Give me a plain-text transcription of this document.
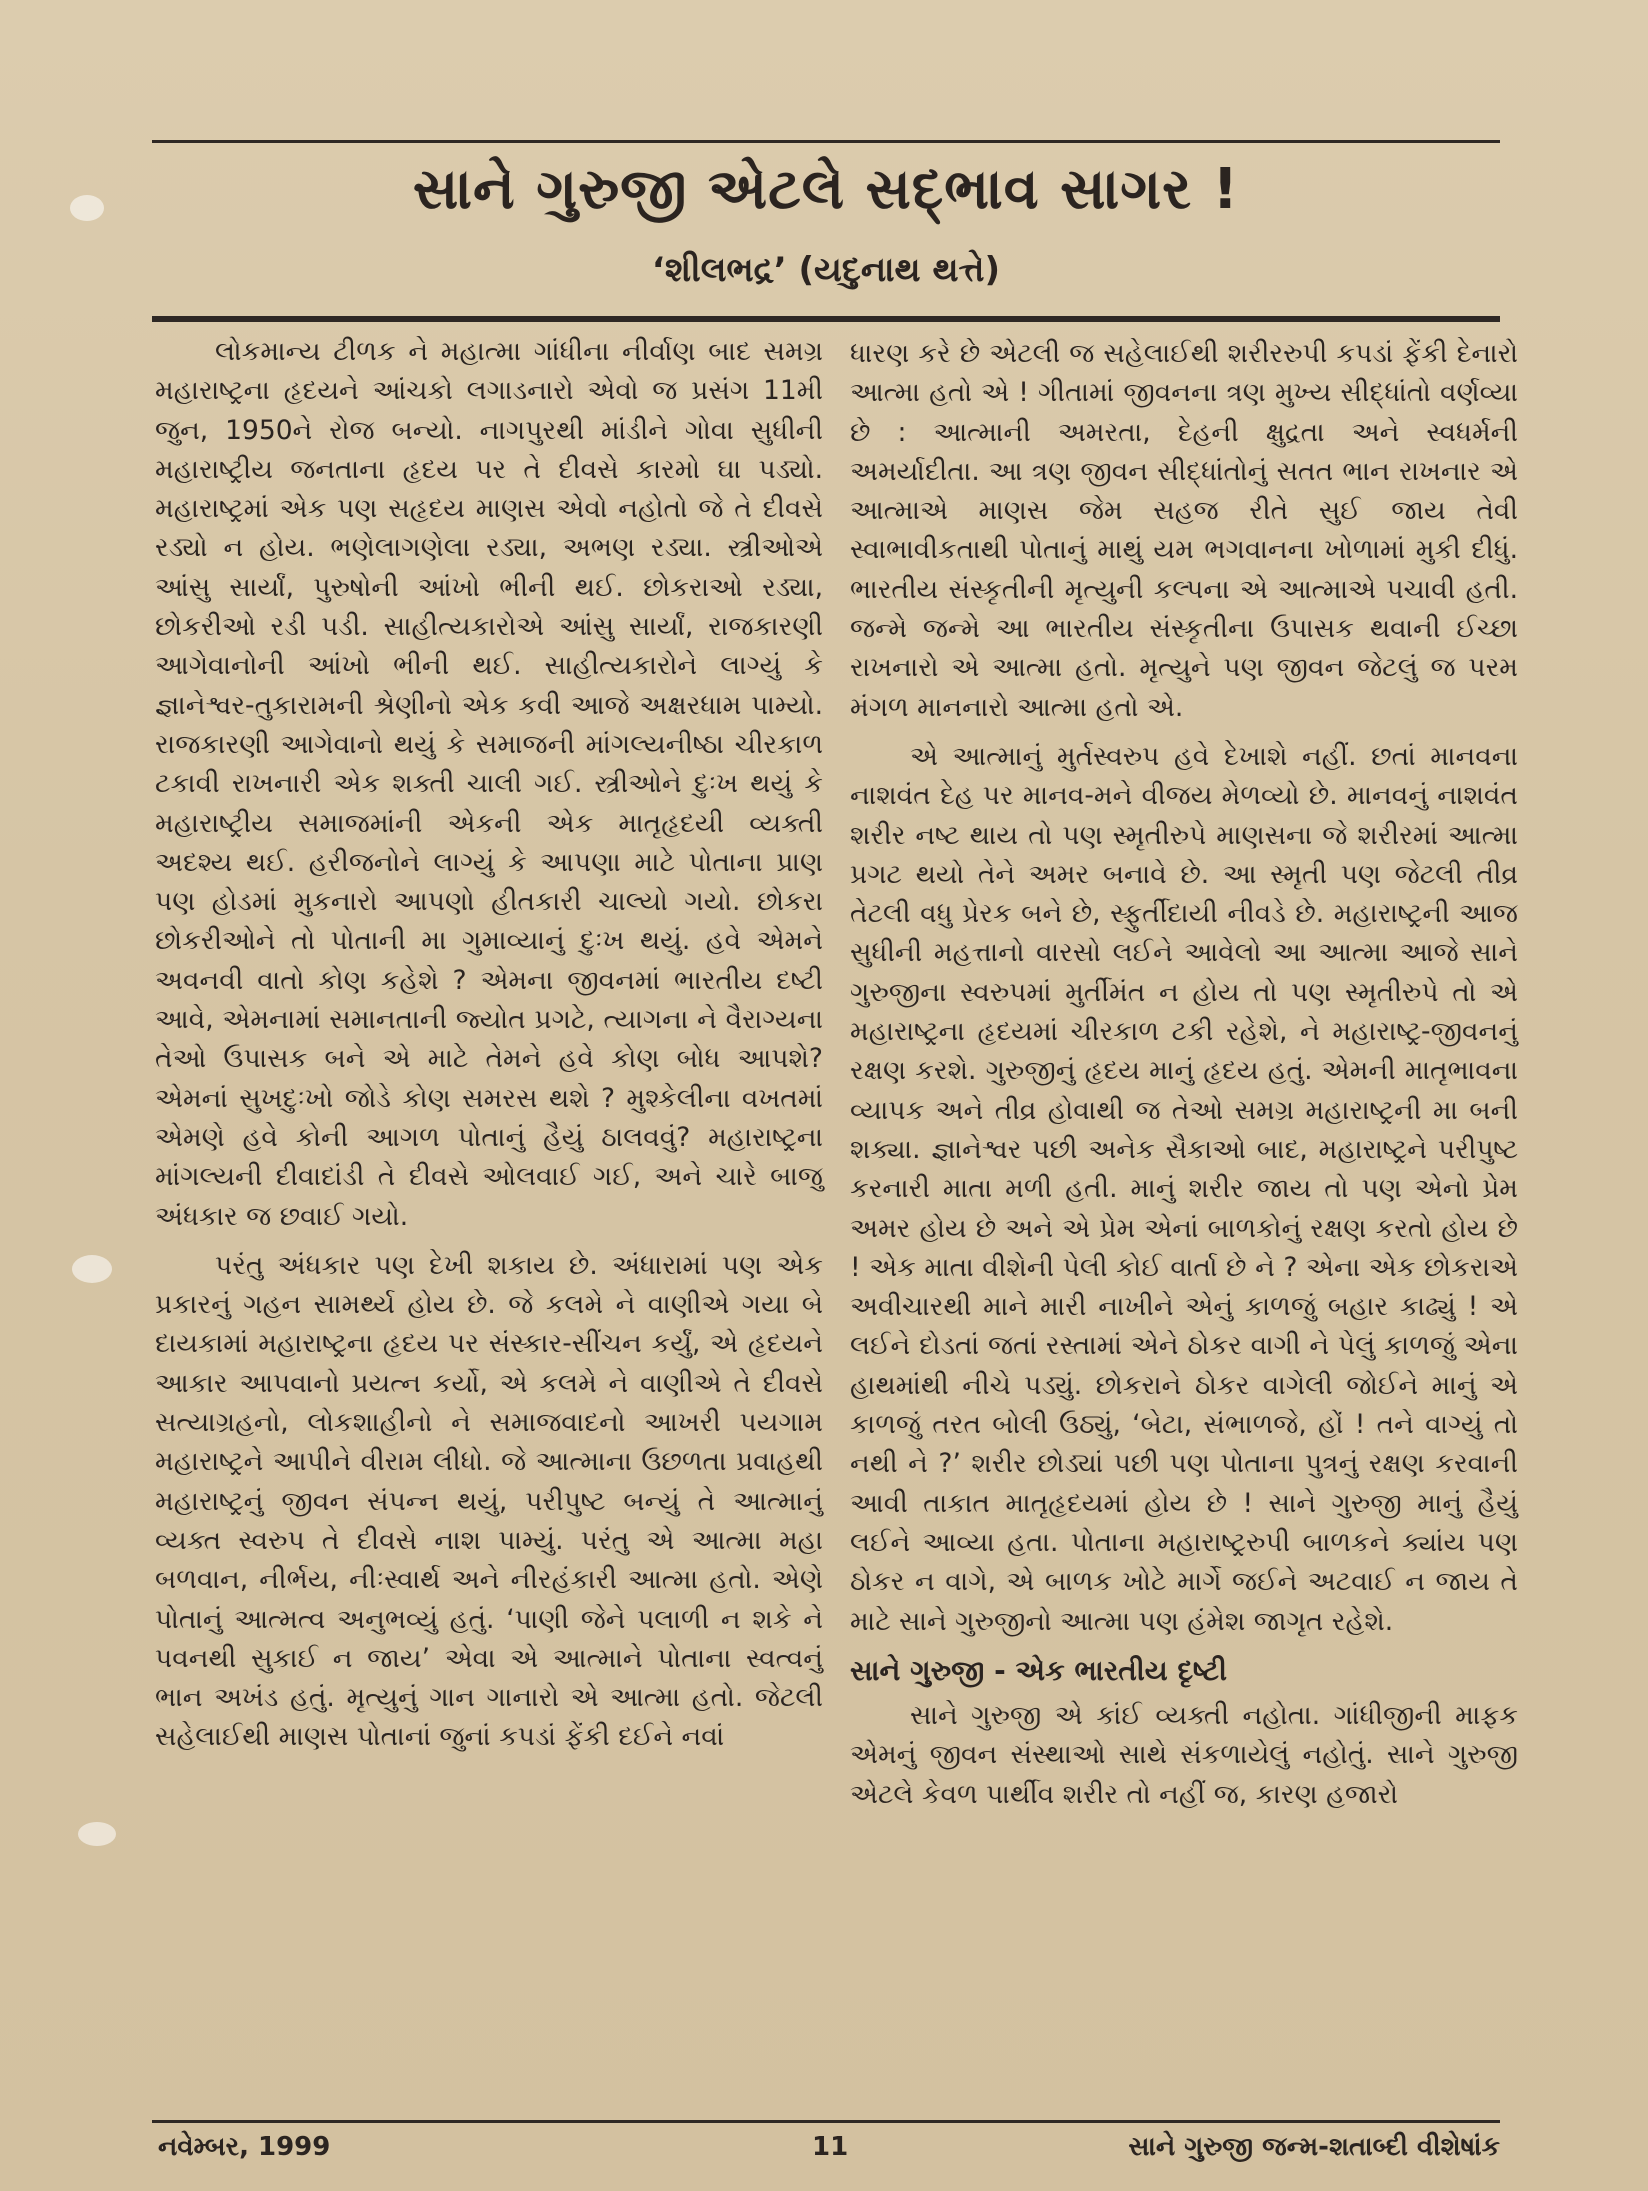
સાને ગુરુજી એટલે સદ્ભાવ સાગર !
‘શીલભદ્ર’ (યદુનાથ થત્તે)

લોકમાન્ય ટીળક ને મહાત્મા ગાંધીના નીર્વાણ બાદ સમગ્ર મહારાષ્ટ્રના હૃદયને આંચકો લગાડનારો એવો જ પ્રસંગ 11મી જુન, 1950ને રોજ બન્યો. નાગપુરથી માંડીને ગોવા સુધીની મહારાષ્ટ્રીય જનતાના હૃદય પર તે દીવસે કારમો ઘા પડ્યો. મહારાષ્ટ્રમાં એક પણ સહૃદય માણસ એવો નહોતો જે તે દીવસે રડ્યો ન હોય. ભણેલાગણેલા રડ્યા, અભણ રડ્યા. સ્ત્રીઓએ આંસુ સાર્યાં, પુરુષોની આંખો ભીની થઈ. છોકરાઓ રડ્યા, છોકરીઓ રડી પડી. સાહીત્યકારોએ આંસુ સાર્યાં, રાજકારણી આગેવાનોની આંખો ભીની થઈ. સાહીત્યકારોને લાગ્યું કે જ્ઞાનેશ્વર-તુકારામની શ્રેણીનો એક કવી આજે અક્ષરધામ પામ્યો. રાજકારણી આગેવાનો થયું કે સમાજની માંગલ્યનીષ્ઠા ચીરકાળ ટકાવી રાખનારી એક શક્તી ચાલી ગઈ. સ્ત્રીઓને દુઃખ થયું કે મહારાષ્ટ્રીય સમાજમાંની એકની એક માતૃહૃદયી વ્યક્તી અદશ્ય થઈ. હરીજનોને લાગ્યું કે આપણા માટે પોતાના પ્રાણ પણ હોડમાં મુકનારો આપણો હીતકારી ચાલ્યો ગયો. છોકરા છોકરીઓને તો પોતાની મા ગુમાવ્યાનું દુઃખ થયું. હવે એમને અવનવી વાતો કોણ કહેશે ? એમના જીવનમાં ભારતીય દષ્ટી આવે, એમનામાં સમાનતાની જ્યોત પ્રગટે, ત્યાગના ને વૈરાગ્યના તેઓ ઉપાસક બને એ માટે તેમને હવે કોણ બોધ આપશે? એમનાં સુખદુઃખો જોડે કોણ સમરસ થશે ? મુશ્કેલીના વખતમાં એમણે હવે કોની આગળ પોતાનું હૈયું ઠાલવવું? મહારાષ્ટ્રના માંગલ્યની દીવાદાંડી તે દીવસે ઓલવાઈ ગઈ, અને ચારે બાજુ અંધકાર જ છવાઈ ગયો.

પરંતુ અંધકાર પણ દેખી શકાય છે. અંધારામાં પણ એક પ્રકારનું ગહન સામર્થ્ય હોય છે. જે કલમે ને વાણીએ ગયા બે દાયકામાં મહારાષ્ટ્રના હૃદય પર સંસ્કાર-સીંચન કર્યું, એ હૃદયને આકાર આપવાનો પ્રયત્ન કર્યો, એ કલમે ને વાણીએ તે દીવસે સત્યાગ્રહનો, લોકશાહીનો ને સમાજવાદનો આખરી પયગામ મહારાષ્ટ્રને આપીને વીરામ લીધો. જે આત્માના ઉછળતા પ્રવાહથી મહારાષ્ટ્રનું જીવન સંપન્ન થયું, પરીપુષ્ટ બન્યું તે આત્માનું વ્યક્ત સ્વરુપ તે દીવસે નાશ પામ્યું. પરંતુ એ આત્મા મહા બળવાન, નીર્ભય, નીઃસ્વાર્થ અને નીરહંકારી આત્મા હતો. એણે પોતાનું આત્મત્વ અનુભવ્યું હતું. ‘પાણી જેને પલાળી ન શકે ને પવનથી સુકાઈ ન જાય’ એવા એ આત્માને પોતાના સ્વત્વનું ભાન અખંડ હતું. મૃત્યુનું ગાન ગાનારો એ આત્મા હતો. જેટલી સહેલાઈથી માણસ પોતાનાં જુનાં કપડાં ફેંકી દઈને નવાં

ધારણ કરે છે એટલી જ સહેલાઈથી શરીરરુપી કપડાં ફેંકી દેનારો આત્મા હતો એ ! ગીતામાં જીવનના ત્રણ મુખ્ય સીદ્ધાંતો વર્ણવ્યા છે : આત્માની અમરતા, દેહની ક્ષુદ્રતા અને સ્વધર્મની અમર્યાદીતા. આ ત્રણ જીવન સીદ્ધાંતોનું સતત ભાન રાખનાર એ આત્માએ માણસ જેમ સહજ રીતે સુઈ જાય તેવી સ્વાભાવીકતાથી પોતાનું માથું યમ ભગવાનના ખોળામાં મુકી દીધું. ભારતીય સંસ્કૃતીની મૃત્યુની કલ્પના એ આત્માએ પચાવી હતી. જન્મે જન્મે આ ભારતીય સંસ્કૃતીના ઉપાસક થવાની ઈચ્છા રાખનારો એ આત્મા હતો. મૃત્યુને પણ જીવન જેટલું જ પરમ મંગળ માનનારો આત્મા હતો એ.

એ આત્માનું મુર્તસ્વરુપ હવે દેખાશે નહીં. છતાં માનવના નાશવંત દેહ પર માનવ-મને વીજય મેળવ્યો છે. માનવનું નાશવંત શરીર નષ્ટ થાય તો પણ સ્મૃતીરુપે માણસના જે શરીરમાં આત્મા પ્રગટ થયો તેને અમર બનાવે છે. આ સ્મૃતી પણ જેટલી તીવ્ર તેટલી વધુ પ્રેરક બને છે, સ્ફુર્તીદાયી નીવડે છે. મહારાષ્ટ્રની આજ સુધીની મહત્તાનો વારસો લઈને આવેલો આ આત્મા આજે સાને ગુરુજીના સ્વરુપમાં મુર્તીમંત ન હોય તો પણ સ્મૃતીરુપે તો એ મહારાષ્ટ્રના હૃદયમાં ચીરકાળ ટકી રહેશે, ને મહારાષ્ટ્ર-જીવનનું રક્ષણ કરશે. ગુરુજીનું હૃદય માનું હૃદય હતું. એમની માતૃભાવના વ્યાપક અને તીવ્ર હોવાથી જ તેઓ સમગ્ર મહારાષ્ટ્રની મા બની શક્યા. જ્ઞાનેશ્વર પછી અનેક સૈકાઓ બાદ, મહારાષ્ટ્રને પરીપુષ્ટ કરનારી માતા મળી હતી. માનું શરીર જાય તો પણ એનો પ્રેમ અમર હોય છે અને એ પ્રેમ એનાં બાળકોનું રક્ષણ કરતો હોય છે ! એક માતા વીશેની પેલી કોઈ વાર્તા છે ને ? એના એક છોકરાએ અવીચારથી માને મારી નાખીને એનું કાળજું બહાર કાઢ્યું ! એ લઈને દોડતાં જતાં રસ્તામાં એને ઠોકર વાગી ને પેલું કાળજું એના હાથમાંથી નીચે પડ્યું. છોકરાને ઠોકર વાગેલી જોઈને માનું એ કાળજું તરત બોલી ઉઠ્યું, ‘બેટા, સંભાળજે, હોં ! તને વાગ્યું તો નથી ને ?’ શરીર છોડ્યાં પછી પણ પોતાના પુત્રનું રક્ષણ કરવાની આવી તાકાત માતૃહૃદયમાં હોય છે ! સાને ગુરુજી માનું હૈયું લઈને આવ્યા હતા. પોતાના મહારાષ્ટ્રરુપી બાળકને ક્યાંય પણ ઠોકર ન વાગે, એ બાળક ખોટે માર્ગે જઈને અટવાઈ ન જાય તે માટે સાને ગુરુજીનો આત્મા પણ હંમેશ જાગૃત રહેશે.

સાને ગુરુજી - એક ભારતીય દૃષ્ટી

સાને ગુરુજી એ કાંઈ વ્યક્તી નહોતા. ગાંધીજીની માફક એમનું જીવન સંસ્થાઓ સાથે સંકળાયેલું નહોતું. સાને ગુરુજી એટલે કેવળ પાર્થીવ શરીર તો નહીં જ, કારણ હજારો

નવેમ્બર, 1999	11	સાને ગુરુજી જન્મ-શતાબ્દી વીશેષાંક
